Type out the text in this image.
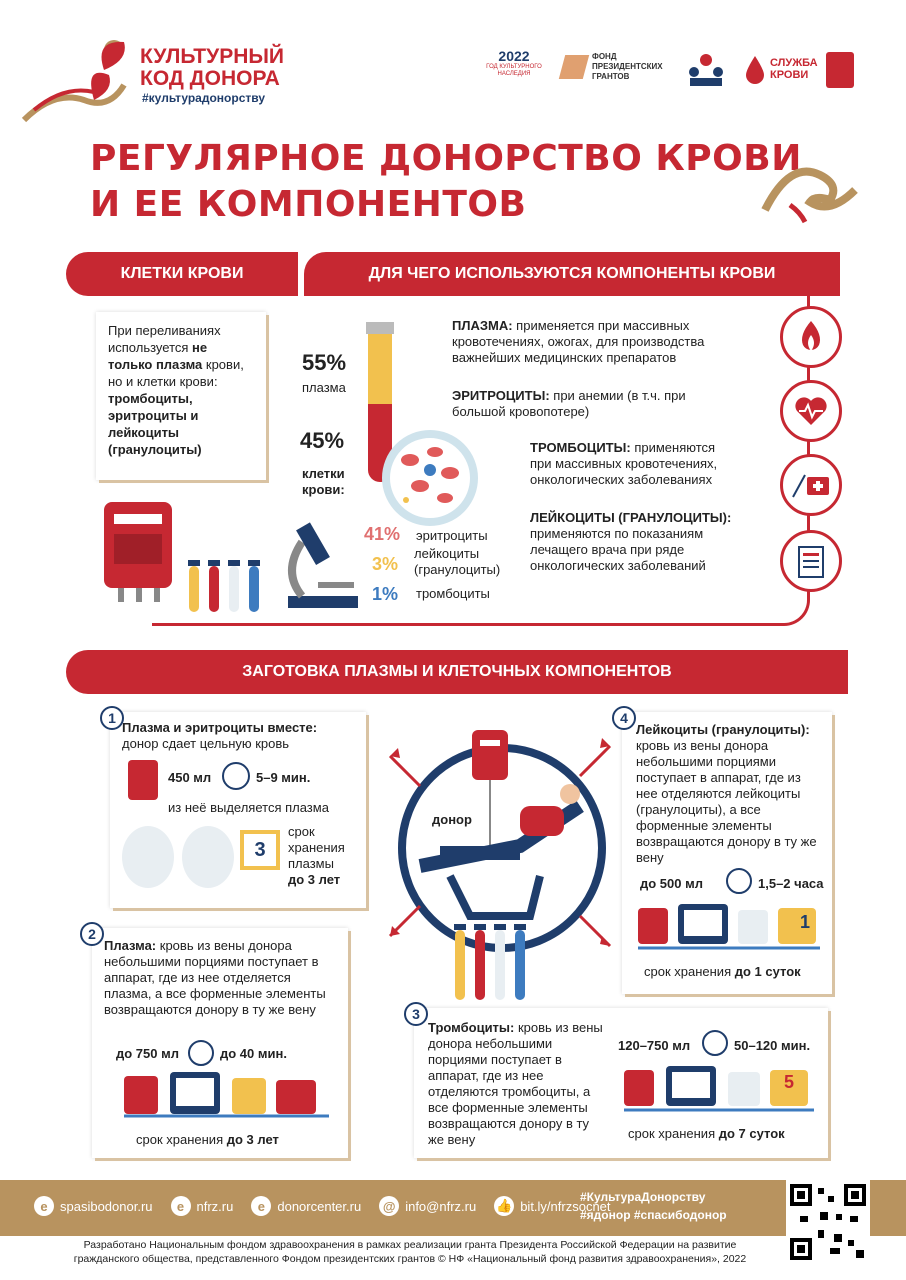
КУЛЬТУРНЫЙ
КОД ДОНОРА
#культурадонорству
2022
ГОД КУЛЬТУРНОГО НАСЛЕДИЯ
ФОНД
ПРЕЗИДЕНТСКИХ
ГРАНТОВ
СЛУЖБА
КРОВИ
РЕГУЛЯРНОЕ ДОНОРСТВО КРОВИ
И ЕЕ КОМПОНЕНТОВ
КЛЕТКИ КРОВИ	ДЛЯ ЧЕГО ИСПОЛЬЗУЮТСЯ КОМПОНЕНТЫ КРОВИ
При переливаниях используется не только плазма крови, но и клетки крови: тромбоциты, эритроциты и лейкоциты (гранулоциты)
55%
плазма
45%
клетки крови:
41% эритроциты
3%
лейкоциты (гранулоциты)
1% тромбоциты
ПЛАЗМА: применяется при массивных кровотечениях, ожогах, для производства важнейших медицинских препаратов
ЭРИТРОЦИТЫ: при анемии (в т.ч. при большой кровопотере)
ТРОМБОЦИТЫ: применяются при массивных кровотечениях, онкологических заболеваниях
ЛЕЙКОЦИТЫ (ГРАНУЛОЦИТЫ): применяются по показаниям лечащего врача при ряде онкологических заболеваний
ЗАГОТОВКА ПЛАЗМЫ И КЛЕТОЧНЫХ КОМПОНЕНТОВ
донор
Плазма и эритроциты вместе:
донор сдает цельную кровь
450 мл	5–9 мин.
из неё выделяется плазма
3
срок хранения плазмы
до 3 лет
1
Плазма: кровь из вены донора небольшими порциями поступает в аппарат, где из нее отделяется плазма, а все форменные элементы возвращаются донору в ту же вену
до 750 мл	до 40 мин.
срок хранения до 3 лет
2
Тромбоциты: кровь из вены донора небольшими порциями поступает в аппарат, где из нее отделяются тромбоциты, а все форменные элементы возвращаются донору в ту же вену
120–750 мл	50–120 мин.
5
срок хранения до 7 суток
3
Лейкоциты (гранулоциты):
кровь из вены донора небольшими порциями поступает в аппарат, где из нее отделяются лейкоциты (гранулоциты), а все форменные элементы возвращаются донору в ту же вену
до 500 мл	1,5–2 часа
1
срок хранения до 1 суток
4
e spasibodonor.ru	e nfrz.ru	e donorcenter.ru @ info@nfrz.ru 👍 bit.ly/nfrzsocnet
#КультураДонорству
#ядонор #спасибодонор
Разработано Национальным фондом здравоохранения в рамках реализации гранта Президента Российской Федерации на развитие
гражданского общества, представленного Фондом президентских грантов © НФ «Национальный фонд развития здравоохранения», 2022
